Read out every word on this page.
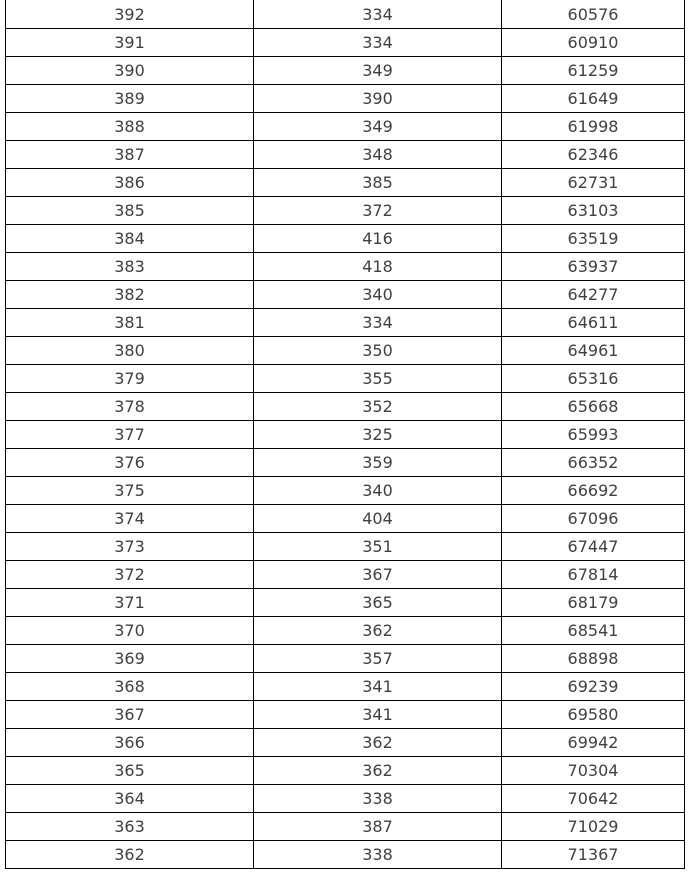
392	334	60576
391	334	60910
390	349	61259
389	390	61649
388	349	61998
387	348	62346
386	385	62731
385	372	63103
384	416	63519
383	418	63937
382	340	64277
381	334	64611
380	350	64961
379	355	65316
378	352	65668
377	325	65993
376	359	66352
375	340	66692
374	404	67096
373	351	67447
372	367	67814
371	365	68179
370	362	68541
369	357	68898
368	341	69239
367	341	69580
366	362	69942
365	362	70304
364	338	70642
363	387	71029
362	338	71367
